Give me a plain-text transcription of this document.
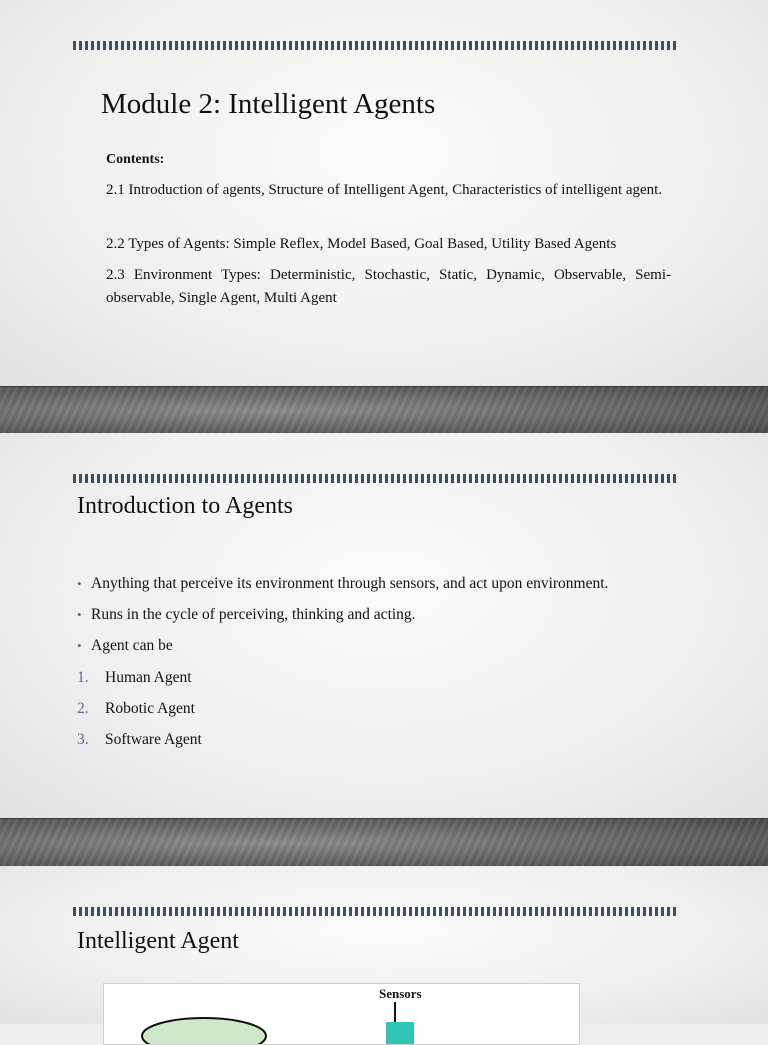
Module 2: Intelligent Agents
Contents:

2.1 Introduction of agents, Structure of Intelligent Agent, Characteristics of intelligent agent.

2.2 Types of Agents: Simple Reflex, Model Based, Goal Based, Utility Based Agents

2.3 Environment Types: Deterministic, Stochastic, Static, Dynamic, Observable, Semi-observable, Single Agent, Multi Agent

Introduction to Agents
• Anything that perceive its environment through sensors, and act upon environment.
• Runs in the cycle of perceiving, thinking and acting.
• Agent can be
1. Human Agent
2. Robotic Agent
3. Software Agent
Intelligent Agent
Sensors
